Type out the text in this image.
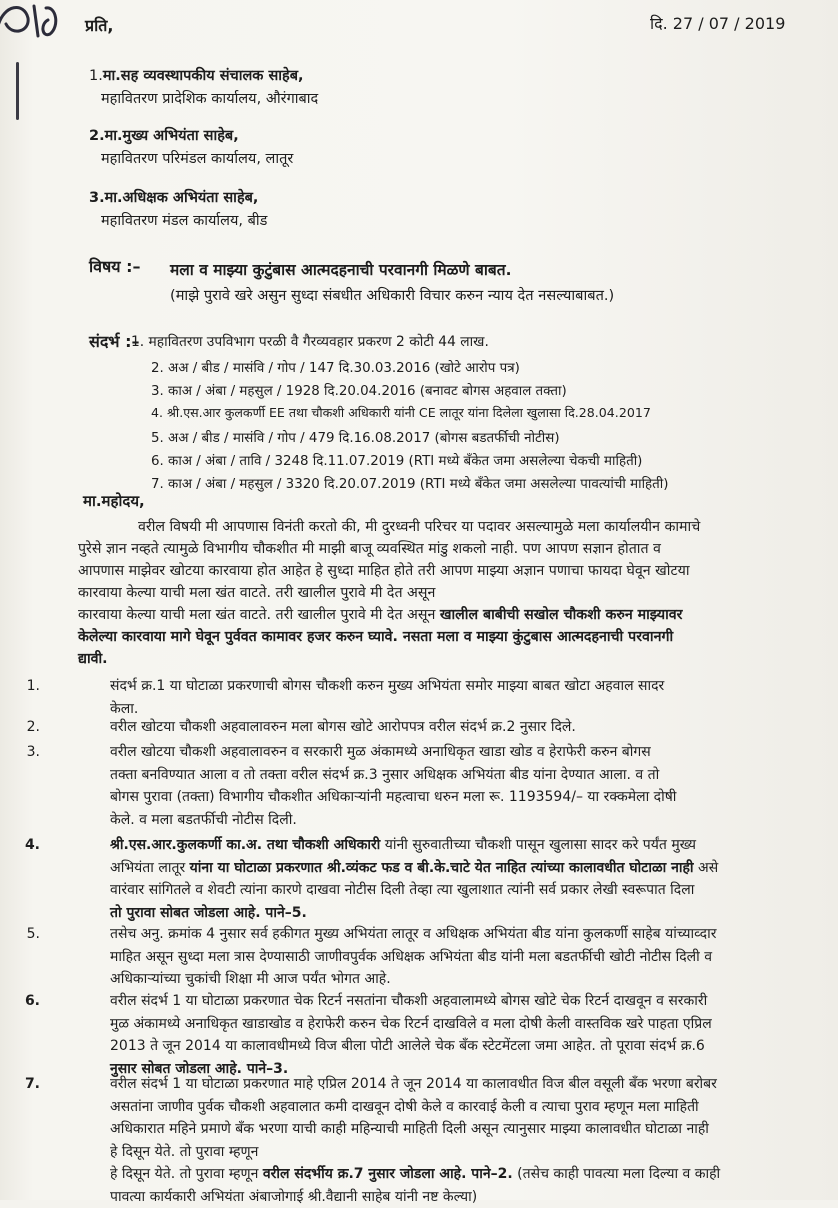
प्रति,	दि. 27 / 07 / 2019
1.मा.सह व्यवस्थापकीय संचालक साहेब,
महावितरण प्रादेशिक कार्यालय, औरंगाबाद
2.मा.मुख्य अभियंता साहेब,
महावितरण परिमंडल कार्यालय, लातूर
3.मा.अधिक्षक अभियंता साहेब,
महावितरण मंडल कार्यालय, बीड
विषय :– मला व माझ्या कुटुंबास आत्मदहनाची परवानगी मिळणे बाबत.
(माझे पुरावे खरे असुन सुध्दा संबधीत अधिकारी विचार करुन न्याय देत नसल्याबाबत.)
संदर्भ :–
1. महावितरण उपविभाग परळी वै गैरव्यवहार प्रकरण 2 कोटी 44 लाख.
2. अअ / बीड / मासंवि / गोप / 147 दि.30.03.2016 (खोटे आरोप पत्र)
3. काअ / अंबा / महसुल / 1928 दि.20.04.2016 (बनावट बोगस अहवाल तक्ता)
4. श्री.एस.आर कुलकर्णी EE तथा चौकशी अधिकारी यांनी CE लातूर यांना दिलेला खुलासा दि.28.04.2017
5. अअ / बीड / मासंवि / गोप / 479 दि.16.08.2017 (बोगस बडतर्फीची नोटीस)
6. काअ / अंबा / तावि / 3248 दि.11.07.2019 (RTI मध्ये बँकेत जमा असलेल्या चेकची माहिती)
7. काअ / अंबा / महसुल / 3320 दि.20.07.2019 (RTI मध्ये बँकेत जमा असलेल्या पावत्यांची माहिती)
मा.महोदय,
वरील विषयी मी आपणास विनंती करतो की, मी दुरध्वनी परिचर या पदावर असल्यामुळे मला कार्यालयीन कामाचे
पुरेसे ज्ञान नव्हते त्यामुळे विभागीय चौकशीत मी माझी बाजू व्यवस्थित मांडु शकलो नाही. पण आपण सज्ञान होतात व
आपणास माझेवर खोटया कारवाया होत आहेत हे सुध्दा माहित होते तरी आपण माझ्या अज्ञान पणाचा फायदा घेवून खोटया
कारवाया केल्या याची मला खंत वाटते. तरी खालील पुरावे मी देत असून
कारवाया केल्या याची मला खंत वाटते. तरी खालील पुरावे मी देत असून खालील बाबीची सखोल चौकशी करुन माझ्यावर
केलेल्या कारवाया मागे घेवून पुर्ववत कामावर हजर करुन घ्यावे. नसता मला व माझ्या कुंटुबास आत्मदहनाची परवानगी
द्यावी.
1.	संदर्भ क्र.1 या घोटाळा प्रकरणाची बोगस चौकशी करुन मुख्य अभियंता समोर माझ्या बाबत खोटा अहवाल सादर
केला.
2.	वरील खोटया चौकशी अहवालावरुन मला बोगस खोटे आरोपपत्र वरील संदर्भ क्र.2 नुसार दिले.
3.	वरील खोटया चौकशी अहवालावरुन व सरकारी मुळ अंकामध्ये अनाधिकृत खाडा खोड व हेराफेरी करुन बोगस
तक्ता बनविण्यात आला व तो तक्ता वरील संदर्भ क्र.3 नुसार अधिक्षक अभियंता बीड यांना देण्यात आला. व तो
बोगस पुरावा (तक्ता) विभागीय चौकशीत अधिकाऱ्यांनी महत्वाचा धरुन मला रू. 1193594/– या रक्कमेला दोषी
केले. व मला बडतर्फीची नोटीस दिली.
4.	श्री.एस.आर.कुलकर्णी का.अ. तथा चौकशी अधिकारी यांनी सुरुवातीच्या चौकशी पासून खुलासा सादर करे पर्यंत मुख्य
अभियंता लातूर यांना या घोटाळा प्रकरणात श्री.व्यंकट फड व बी.के.चाटे येत नाहित त्यांच्या कालावधीत घोटाळा नाही असे
वारंवार सांगितले व शेवटी त्यांना कारणे दाखवा नोटीस दिली तेव्हा त्या खुलाशात त्यांनी सर्व प्रकार लेखी स्वरूपात दिला
तो पुरावा सोबत जोडला आहे. पाने–5.
5.	तसेच अनु. क्रमांक 4 नुसार सर्व हकीगत मुख्य अभियंता लातूर व अधिक्षक अभियंता बीड यांना कुलकर्णी साहेब यांच्याव्दार
माहित असून सुध्दा मला त्रास देण्यासाठी जाणीवपुर्वक अधिक्षक अभियंता बीड यांनी मला बडतर्फीची खोटी नोटीस दिली व
अधिकाऱ्यांच्या चुकांची शिक्षा मी आज पर्यंत भोगत आहे.
6.	वरील संदर्भ 1 या घोटाळा प्रकरणात चेक रिटर्न नसतांना चौकशी अहवालामध्ये बोगस खोटे चेक रिटर्न दाखवून व सरकारी
मुळ अंकामध्ये अनाधिकृत खाडाखोड व हेराफेरी करुन चेक रिटर्न दाखविले व मला दोषी केली वास्तविक खरे पाहता एप्रिल
2013 ते जून 2014 या कालावधीमध्ये विज बीला पोटी आलेले चेक बँक स्टेटमेंटला जमा आहेत. तो पूरावा संदर्भ क्र.6
नुसार सोबत जोडला आहे. पाने–3.
7.	वरील संदर्भ 1 या घोटाळा प्रकरणात माहे एप्रिल 2014 ते जून 2014 या कालावधीत विज बील वसूली बँक भरणा बरोबर
असतांना जाणीव पुर्वक चौकशी अहवालात कमी दाखवून दोषी केले व कारवाई केली व त्याचा पुराव म्हणून मला माहिती
अधिकारात महिने प्रमाणे बँक भरणा याची काही महिन्याची माहिती दिली असून त्यानुसार माझ्या कालावधीत घोटाळा नाही
हे दिसून येते. तो पुरावा म्हणून
हे दिसून येते. तो पुरावा म्हणून वरील संदर्भीय क्र.7 नुसार जोडला आहे. पाने–2. (तसेच काही पावत्या मला दिल्या व काही
पावत्या कार्यकारी अभियंता अंबाजोगाई श्री.वैद्यानी साहेब यांनी नष्ट केल्या)
